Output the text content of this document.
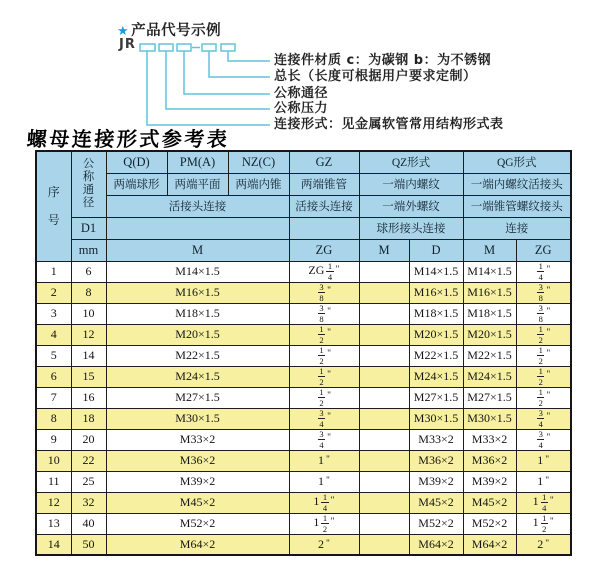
★ 产品代号示例
JR
连接件材质 c：为碳钢 b：为不锈钢
总长（长度可根据用户要求定制）
公称通径
公称压力
连接形式：见金属软管常用结构形式表
螺母连接形式参考表
序
号

公
称
通
径
	Q(D)	PM(A)	NZ(C)	GZ	QZ形式	QG形式
		两端球形	两端平面	两端内锥	两端锥管	一端内螺纹		一端内螺纹活接头	
		活接头连接			活接头连接	一端外螺纹		一端锥管螺纹接头	
	D1					球形接头连接		连接	
	mm	M			ZG	M	D	M	ZG
1	6	M14×1.5			ZG $\frac{1}{4}$ "		M14×1.5	M14×1.5	$\frac{1}{4}$ "
2	8	M16×1.5			$\frac{3}{8}$ "		M16×1.5	M16×1.5	$\frac{3}{8}$ "
3	10	M18×1.5			$\frac{3}{8}$ "		M18×1.5	M18×1.5	$\frac{3}{8}$ "
4	12	M20×1.5			$\frac{1}{2}$ "		M20×1.5	M20×1.5	$\frac{1}{2}$ "
5	14	M22×1.5			$\frac{1}{2}$ "		M22×1.5	M22×1.5	$\frac{1}{2}$ "
6	15	M24×1.5			$\frac{1}{2}$ "		M24×1.5	M24×1.5	$\frac{1}{2}$ "
7	16	M27×1.5			$\frac{1}{2}$ "		M27×1.5	M27×1.5	$\frac{1}{2}$ "
8	18	M30×1.5			$\frac{3}{4}$ "		M30×1.5	M30×1.5	$\frac{3}{4}$ "
9	20	M33×2			$\frac{3}{4}$ "		M33×2	M33×2	$\frac{3}{4}$ "
10	22	M36×2			1 "		M36×2	M36×2	1 "
11	25	M39×2			1 "		M39×2	M39×2	1 "
12	32	M45×2			$1 \frac{1}{4}$ "		M45×2	M45×2	$1 \frac{1}{4}$ "
13	40	M52×2			$1 \frac{1}{2}$ "		M52×2	M52×2	$1 \frac{1}{2}$ "
14	50	M64×2			2 "		M64×2	M64×2	2 "
